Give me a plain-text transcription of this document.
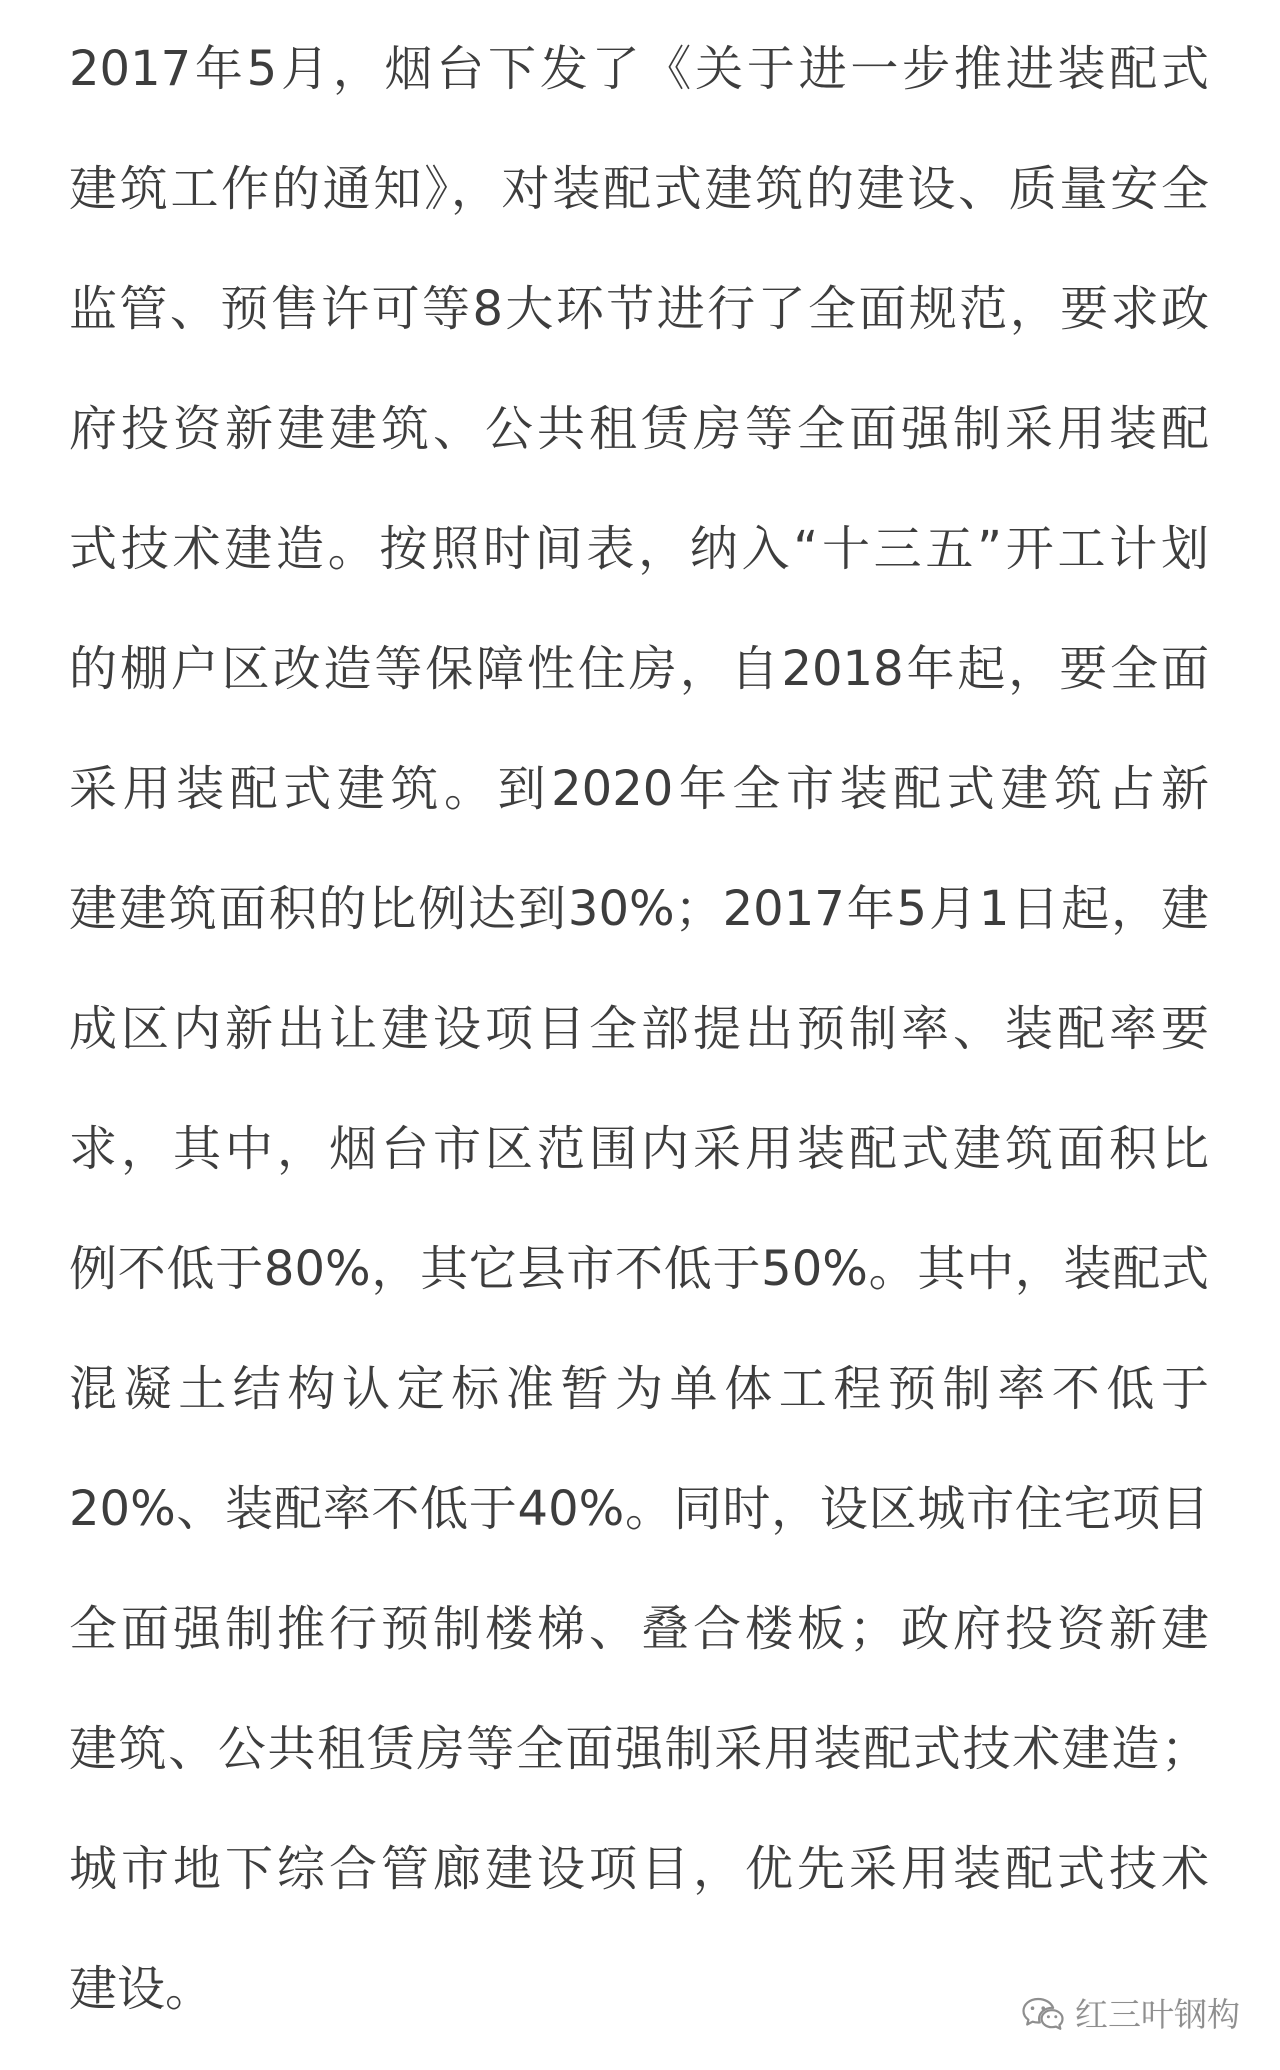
2017年5月，烟台下发了《关于进一步推进装配式
建筑工作的通知》，对装配式建筑的建设、质量安全
监管、预售许可等8大环节进行了全面规范，要求政
府投资新建建筑、公共租赁房等全面强制采用装配
式技术建造。按照时间表，纳入“十三五”开工计划
的棚户区改造等保障性住房，自2018年起，要全面
采用装配式建筑。到2020年全市装配式建筑占新
建建筑面积的比例达到30%；2017年5月1日起，建
成区内新出让建设项目全部提出预制率、装配率要
求，其中，烟台市区范围内采用装配式建筑面积比
例不低于80%，其它县市不低于50%。其中，装配式
混凝土结构认定标准暂为单体工程预制率不低于
20%、装配率不低于40%。同时，设区城市住宅项目
全面强制推行预制楼梯、叠合楼板；政府投资新建
建筑、公共租赁房等全面强制采用装配式技术建造；
城市地下综合管廊建设项目，优先采用装配式技术
建设。	红三叶钢构
